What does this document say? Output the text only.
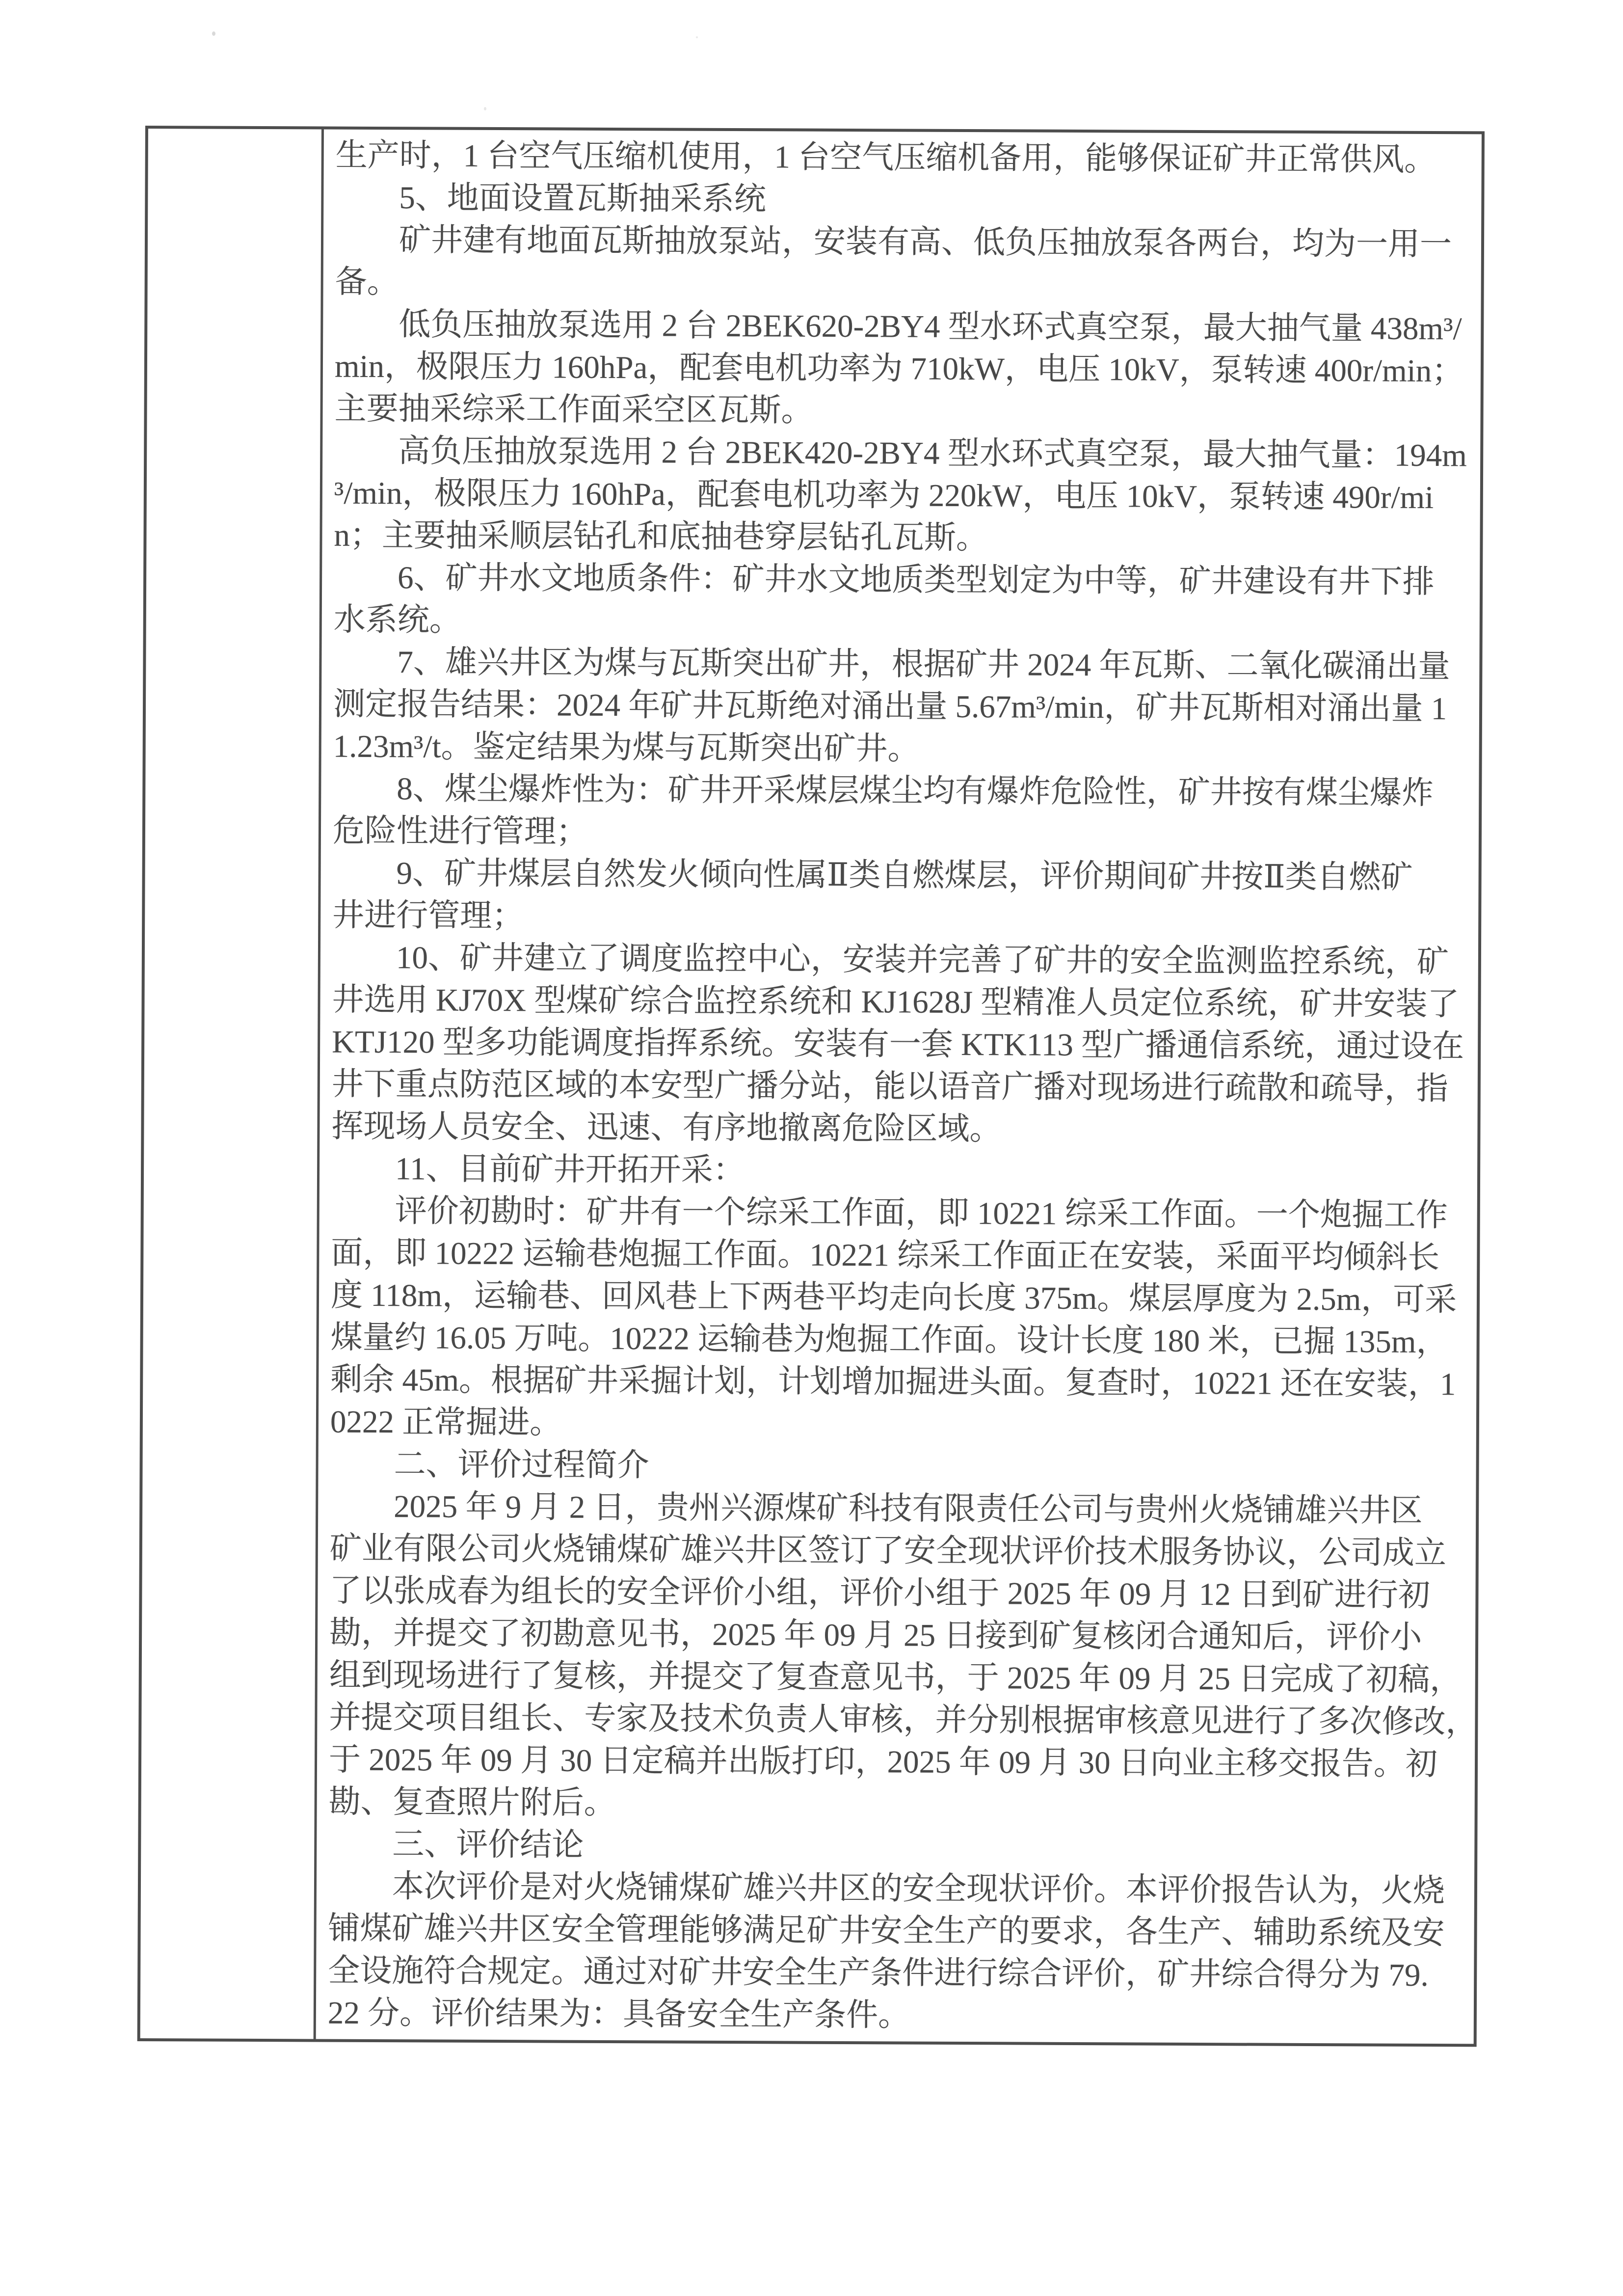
生产时，1 台空气压缩机使用，1 台空气压缩机备用，能够保证矿井正常供风。
5、地面设置瓦斯抽采系统
矿井建有地面瓦斯抽放泵站，安装有高、低负压抽放泵各两台，均为一用一
备。
低负压抽放泵选用 2 台 2BEK620-2BY4 型水环式真空泵，最大抽气量 438m³/
min，极限压力 160hPa，配套电机功率为 710kW，电压 10kV，泵转速 400r/min；
主要抽采综采工作面采空区瓦斯。
高负压抽放泵选用 2 台 2BEK420-2BY4 型水环式真空泵，最大抽气量：194m
³/min，极限压力 160hPa，配套电机功率为 220kW，电压 10kV，泵转速 490r/mi
n；主要抽采顺层钻孔和底抽巷穿层钻孔瓦斯。
6、矿井水文地质条件：矿井水文地质类型划定为中等，矿井建设有井下排
水系统。
7、雄兴井区为煤与瓦斯突出矿井，根据矿井 2024 年瓦斯、二氧化碳涌出量
测定报告结果：2024 年矿井瓦斯绝对涌出量 5.67m³/min，矿井瓦斯相对涌出量 1
1.23m³/t。鉴定结果为煤与瓦斯突出矿井。
8、煤尘爆炸性为：矿井开采煤层煤尘均有爆炸危险性，矿井按有煤尘爆炸
危险性进行管理；
9、矿井煤层自然发火倾向性属Ⅱ类自燃煤层，评价期间矿井按Ⅱ类自燃矿
井进行管理；
10、矿井建立了调度监控中心，安装并完善了矿井的安全监测监控系统，矿
井选用 KJ70X 型煤矿综合监控系统和 KJ1628J 型精准人员定位系统，矿井安装了
KTJ120 型多功能调度指挥系统。安装有一套 KTK113 型广播通信系统，通过设在
井下重点防范区域的本安型广播分站，能以语音广播对现场进行疏散和疏导，指
挥现场人员安全、迅速、有序地撤离危险区域。
11、目前矿井开拓开采：
评价初勘时：矿井有一个综采工作面，即 10221 综采工作面。一个炮掘工作
面，即 10222 运输巷炮掘工作面。10221 综采工作面正在安装，采面平均倾斜长
度 118m，运输巷、回风巷上下两巷平均走向长度 375m。煤层厚度为 2.5m，可采
煤量约 16.05 万吨。10222 运输巷为炮掘工作面。设计长度 180 米，已掘 135m，
剩余 45m。根据矿井采掘计划，计划增加掘进头面。复查时，10221 还在安装，1
0222 正常掘进。
二、评价过程简介
2025 年 9 月 2 日，贵州兴源煤矿科技有限责任公司与贵州火烧铺雄兴井区
矿业有限公司火烧铺煤矿雄兴井区签订了安全现状评价技术服务协议，公司成立
了以张成春为组长的安全评价小组，评价小组于 2025 年 09 月 12 日到矿进行初
勘，并提交了初勘意见书，2025 年 09 月 25 日接到矿复核闭合通知后，评价小
组到现场进行了复核，并提交了复查意见书，于 2025 年 09 月 25 日完成了初稿，
并提交项目组长、专家及技术负责人审核，并分别根据审核意见进行了多次修改，
于 2025 年 09 月 30 日定稿并出版打印，2025 年 09 月 30 日向业主移交报告。初
勘、复查照片附后。
三、评价结论
本次评价是对火烧铺煤矿雄兴井区的安全现状评价。本评价报告认为，火烧
铺煤矿雄兴井区安全管理能够满足矿井安全生产的要求，各生产、辅助系统及安
全设施符合规定。通过对矿井安全生产条件进行综合评价，矿井综合得分为 79.
22 分。评价结果为：具备安全生产条件。
